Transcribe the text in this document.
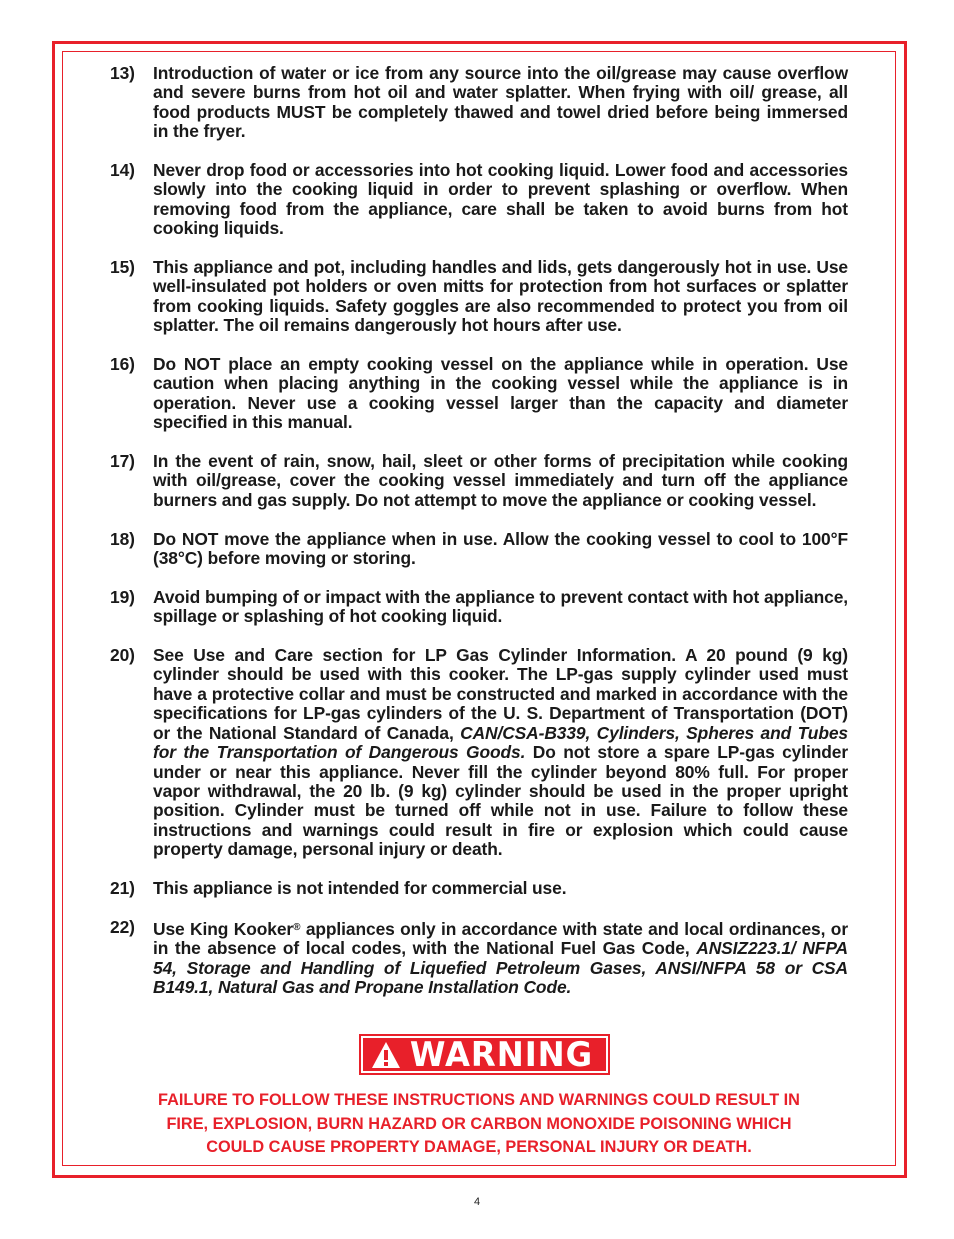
13)	Introduction of water or ice from any source into the oil/grease may cause overflow and severe burns from hot oil and water splatter. When frying with oil/ grease, all food products MUST be completely thawed and towel dried before being immersed in the fryer.
14)	Never drop food or accessories into hot cooking liquid. Lower food and accessories slowly into the cooking liquid in order to prevent splashing or overflow. When removing food from the appliance, care shall be taken to avoid burns from hot cooking liquids.
15)	This appliance and pot, including handles and lids, gets dangerously hot in use. Use well-insulated pot holders or oven mitts for protection from hot surfaces or splatter from cooking liquids. Safety goggles are also recommended to protect you from oil splatter. The oil remains dangerously hot hours after use.
16)	Do NOT place an empty cooking vessel on the appliance while in operation. Use caution when placing anything in the cooking vessel while the appliance is in operation. Never use a cooking vessel larger than the capacity and diameter specified in this manual.
17)	In the event of rain, snow, hail, sleet or other forms of precipitation while cooking with oil/grease, cover the cooking vessel immediately and turn off the appliance burners and gas supply. Do not attempt to move the appliance or cooking vessel.
18)	Do NOT move the appliance when in use. Allow the cooking vessel to cool to 100°F (38°C) before moving or storing.
19)	Avoid bumping of or impact with the appliance to prevent contact with hot appliance, spillage or splashing of hot cooking liquid.
20)	See Use and Care section for LP Gas Cylinder Information. A 20 pound (9 kg) cylinder should be used with this cooker. The LP-gas supply cylinder used must have a protective collar and must be constructed and marked in accordance with the specifications for LP-gas cylinders of the U. S. Department of Transportation (DOT) or the National Standard of Canada, CAN/CSA-B339, Cylinders, Spheres and Tubes for the Transportation of Dangerous Goods. Do not store a spare LP-gas cylinder under or near this appliance. Never fill the cylinder beyond 80% full. For proper vapor withdrawal, the 20 lb. (9 kg) cylinder should be used in the proper upright position. Cylinder must be turned off while not in use. Failure to follow these instructions and warnings could result in fire or explosion which could cause property damage, personal injury or death.
21)	This appliance is not intended for commercial use.
22)	Use King Kooker® appliances only in accordance with state and local ordinances, or in the absence of local codes, with the National Fuel Gas Code, ANSIZ223.1/ NFPA 54, Storage and Handling of Liquefied Petroleum Gases, ANSI/NFPA 58 or CSA B149.1, Natural Gas and Propane Installation Code.
WARNING
FAILURE TO FOLLOW THESE INSTRUCTIONS AND WARNINGS COULD RESULT IN
FIRE, EXPLOSION, BURN HAZARD OR CARBON MONOXIDE POISONING WHICH
COULD CAUSE PROPERTY DAMAGE, PERSONAL INJURY OR DEATH.
4
